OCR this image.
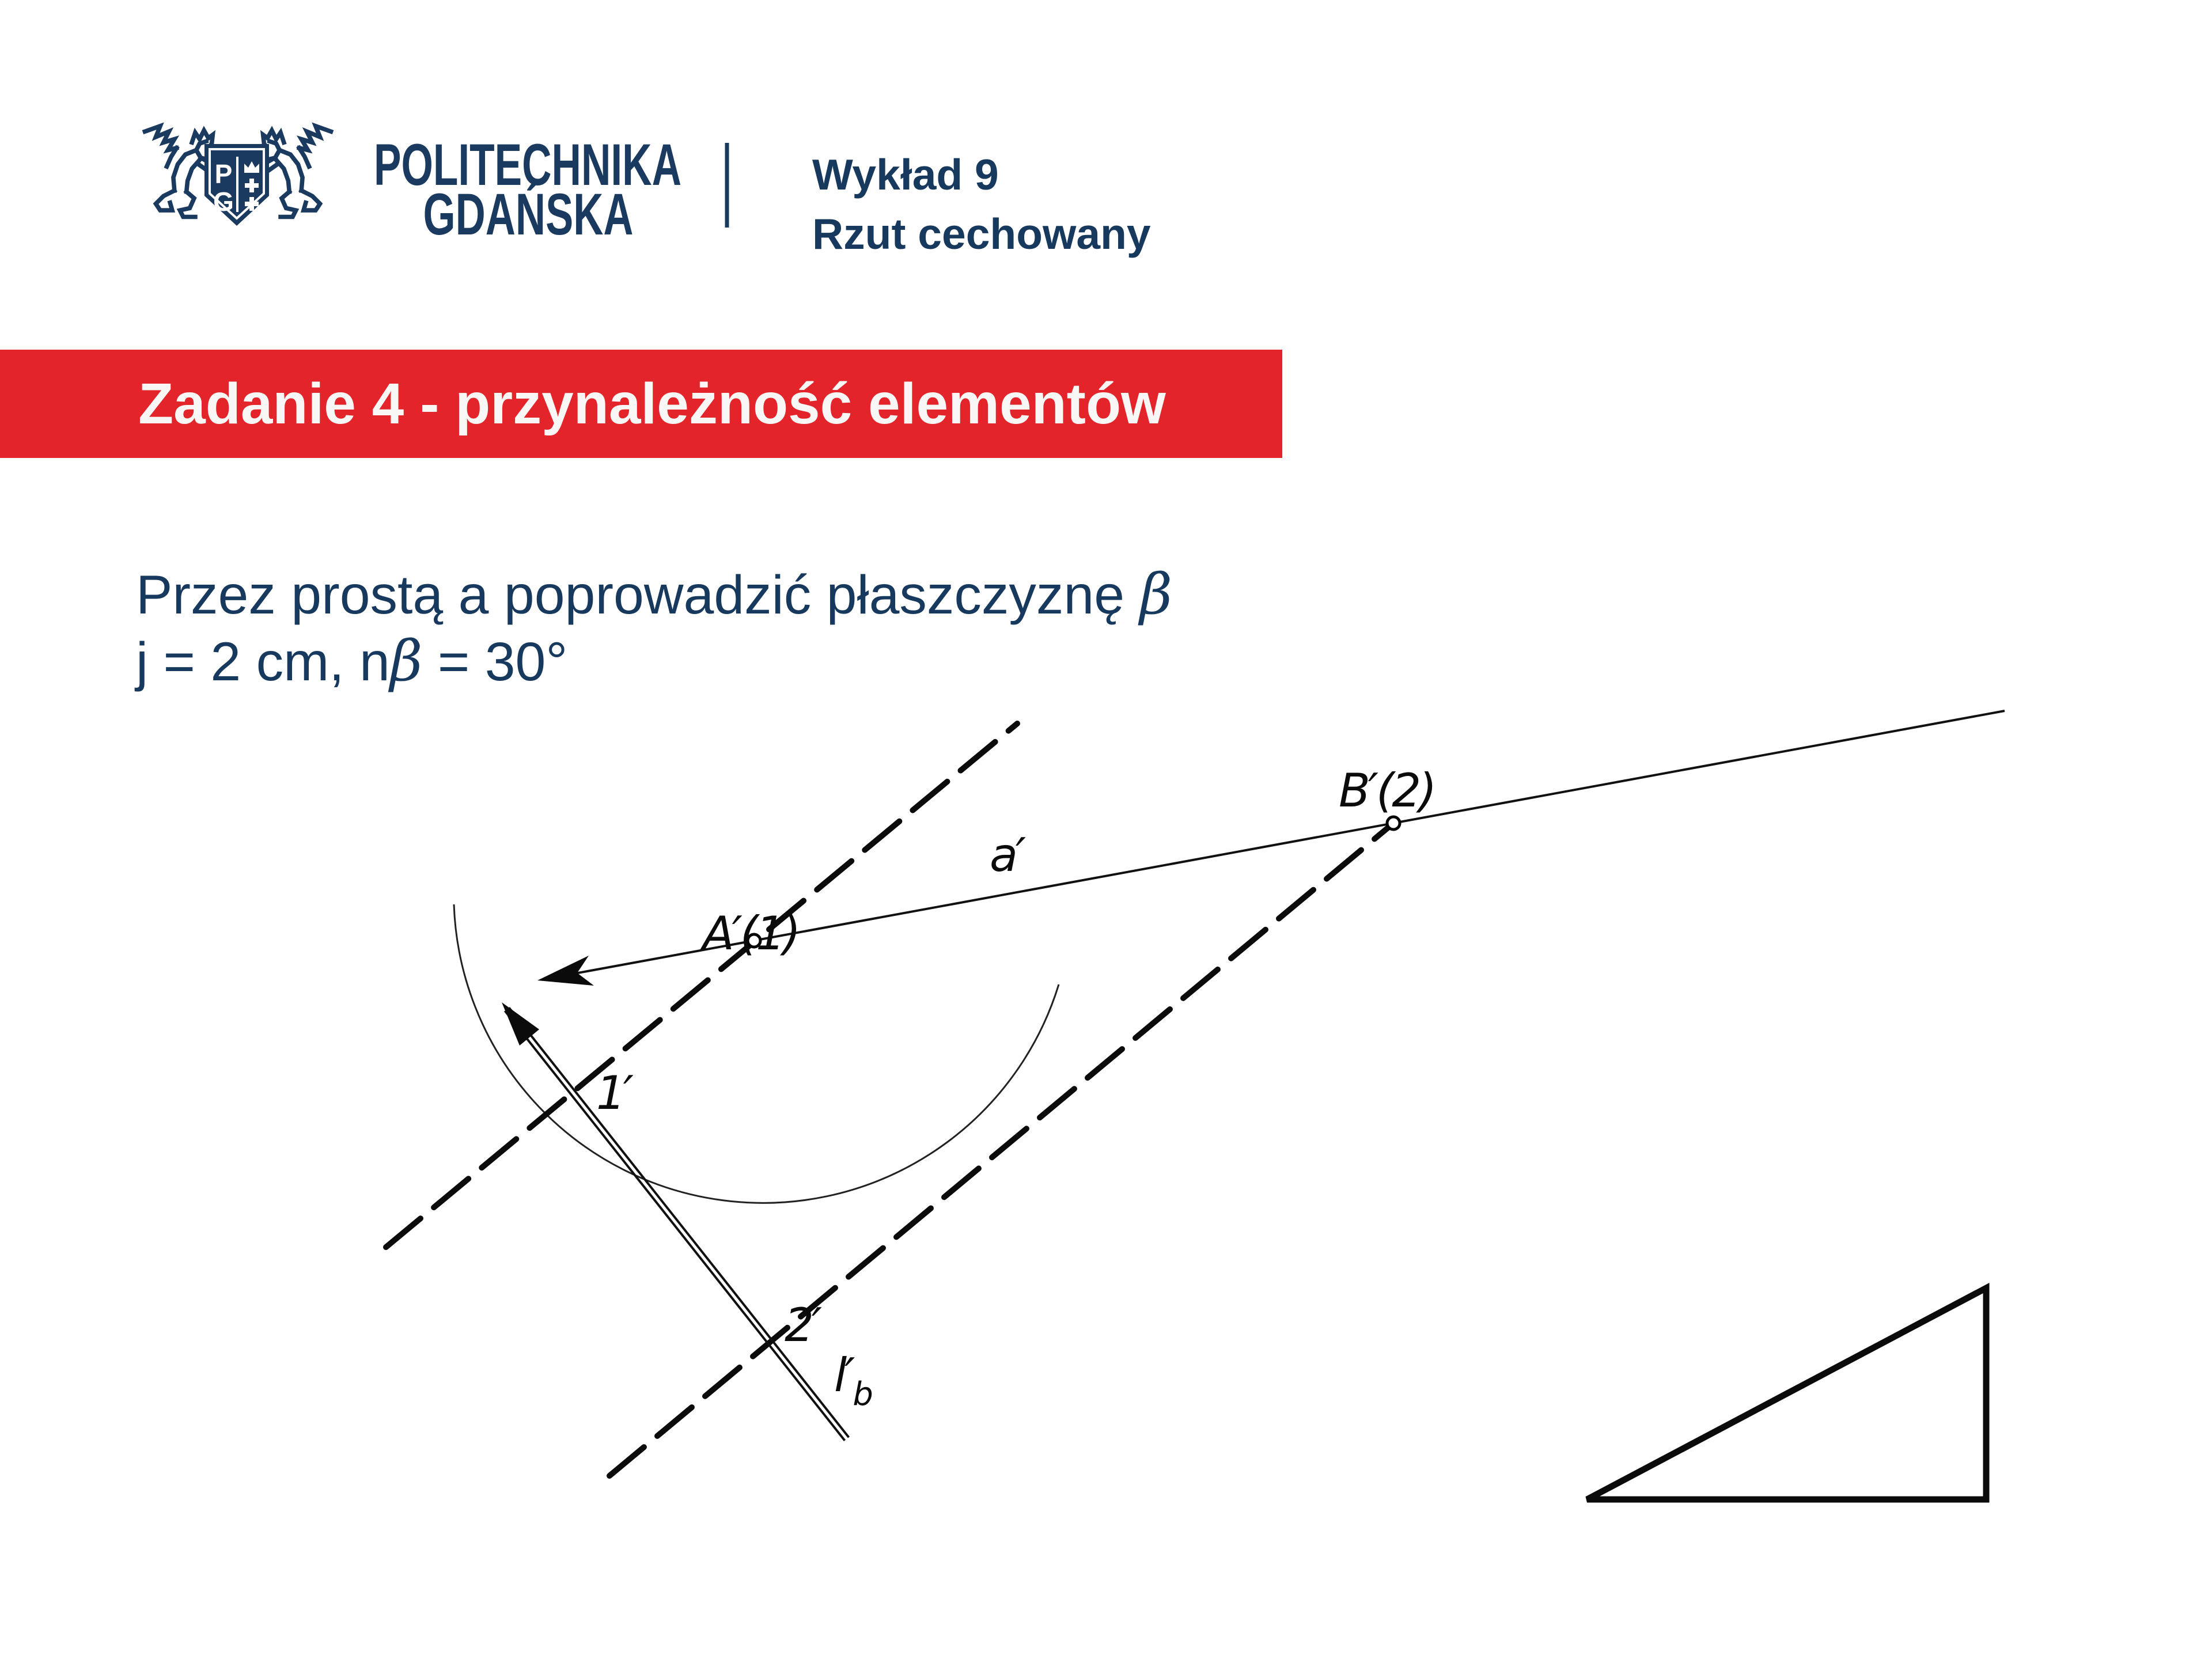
P
G
POLITECHNIKA
GDAŃSKA
Wykład 9
Rzut cechowany
Zadanie 4 - przynależność elementów
Przez prostą a poprowadzić płaszczyznę β
j = 2 cm, nβ = 30°
a′
A′(1)
B′(2)
1′
2′
$l'_b$
